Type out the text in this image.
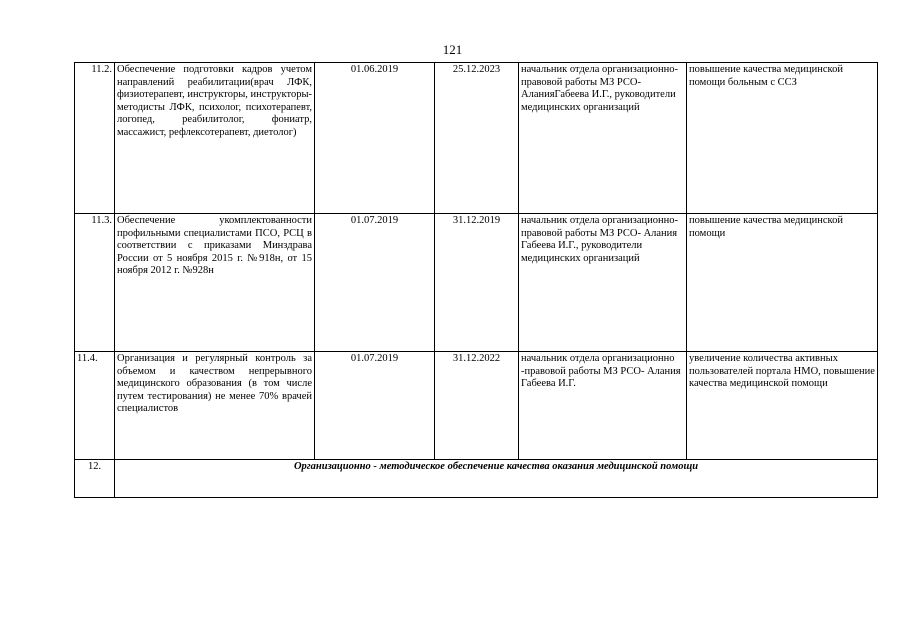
121
11.2.	Обеспечение подготовки кадров учетом направлений реабилитации(врач ЛФК, физиотерапевт, инструкторы, инструкторы-методисты ЛФК, психолог, психотерапевт, логопед, реабилитолог, фониатр, массажист, рефлексотерапевт, диетолог)	01.06.2019	25.12.2023	начальник отдела организационно-правовой работы МЗ РСО-АланияГабеева И.Г., руководители медицинских организаций	повышение качества медицинской помощи больным с ССЗ
11.3.	Обеспечение укомплектованности профильными специалистами ПСО, РСЦ в соответствии с приказами Минздрава России от 5 ноября 2015 г. №918н, от 15 ноября 2012 г. №928н	01.07.2019	31.12.2019	начальник отдела организационно-правовой работы МЗ РСО- Алания Габеева И.Г., руководители медицинских организаций	повышение качества медицинской помощи
11.4.	Организация и регулярный контроль за объемом и качеством непрерывного медицинского образования (в том числе путем тестирования) не менее 70% врачей специалистов	01.07.2019	31.12.2022	начальник отдела организационно -правовой работы МЗ РСО- Алания Габеева И.Г.	увеличение количества активных пользователей портала НМО, повышение качества медицинской помощи
12.	Организационно - методическое обеспечение качества оказания медицинской помощи				
